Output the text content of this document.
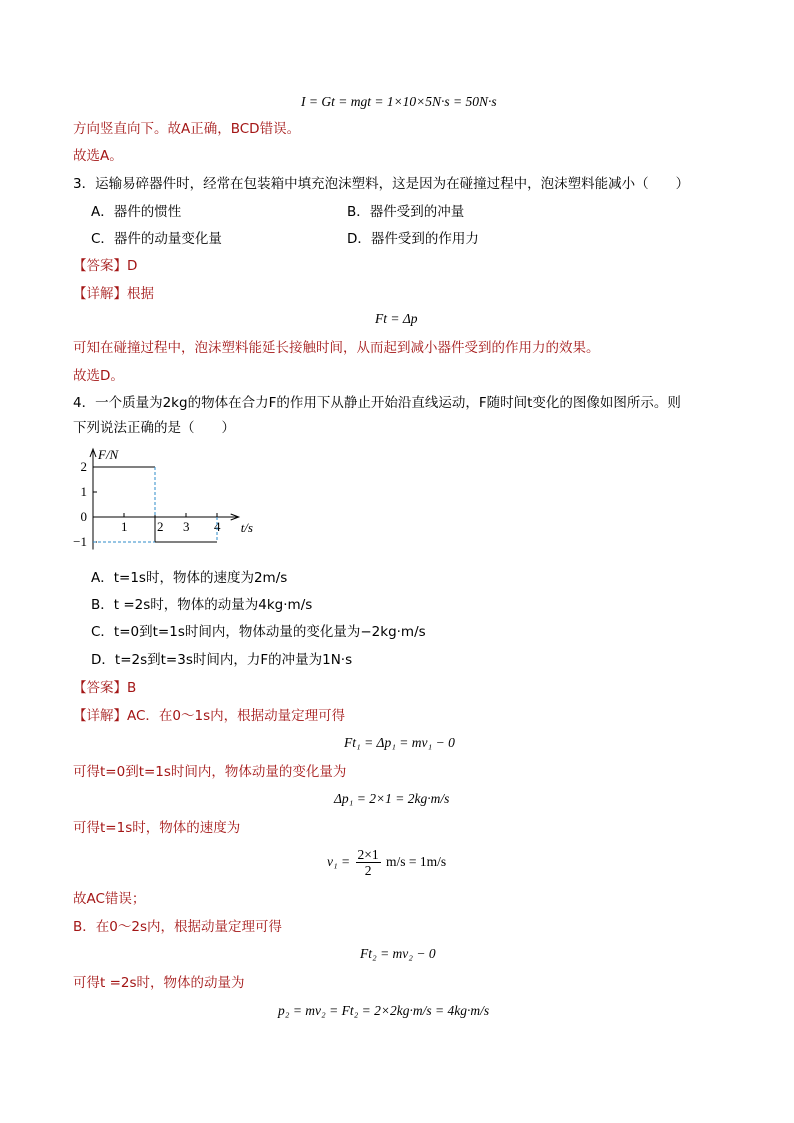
I = Gt = mgt = 1×10×5N·s = 50N·s
方向竖直向下。故A正确，BCD错误。
故选A。
3．运输易碎器件时，经常在包装箱中填充泡沫塑料，这是因为在碰撞过程中，泡沫塑料能减小（　　）
A．器件的惯性	B．器件受到的冲量
C．器件的动量变化量	D．器件受到的作用力
【答案】D
【详解】根据
Ft = Δp
可知在碰撞过程中，泡沫塑料能延长接触时间，从而起到减小器件受到的作用力的效果。
故选D。
4．一个质量为2kg的物体在合力F的作用下从静止开始沿直线运动，F随时间t变化的图像如图所示。则
下列说法正确的是（　　）
F/N
t/s
1 2 3 4
2
1
0
−1
A．t=1s时，物体的速度为2m/s
B．t =2s时，物体的动量为4kg·m/s
C．t=0到t=1s时间内，物体动量的变化量为−2kg·m/s
D．t=2s到t=3s时间内，力F的冲量为1N·s
【答案】B
【详解】AC．在0～1s内，根据动量定理可得
Ft₁ = Δp₁ = mv₁ − 0
可得t=0到t=1s时间内，物体动量的变化量为
Δp₁ = 2×1 = 2kg·m/s
可得t=1s时，物体的速度为
$v_1 = \frac{2\times 1}{2} m/s = 1m/s$
故AC错误；
B．在0～2s内，根据动量定理可得
Ft₂ = mv₂ − 0
可得t =2s时，物体的动量为
p₂ = mv₂ = Ft₂ = 2×2kg·m/s = 4kg·m/s
